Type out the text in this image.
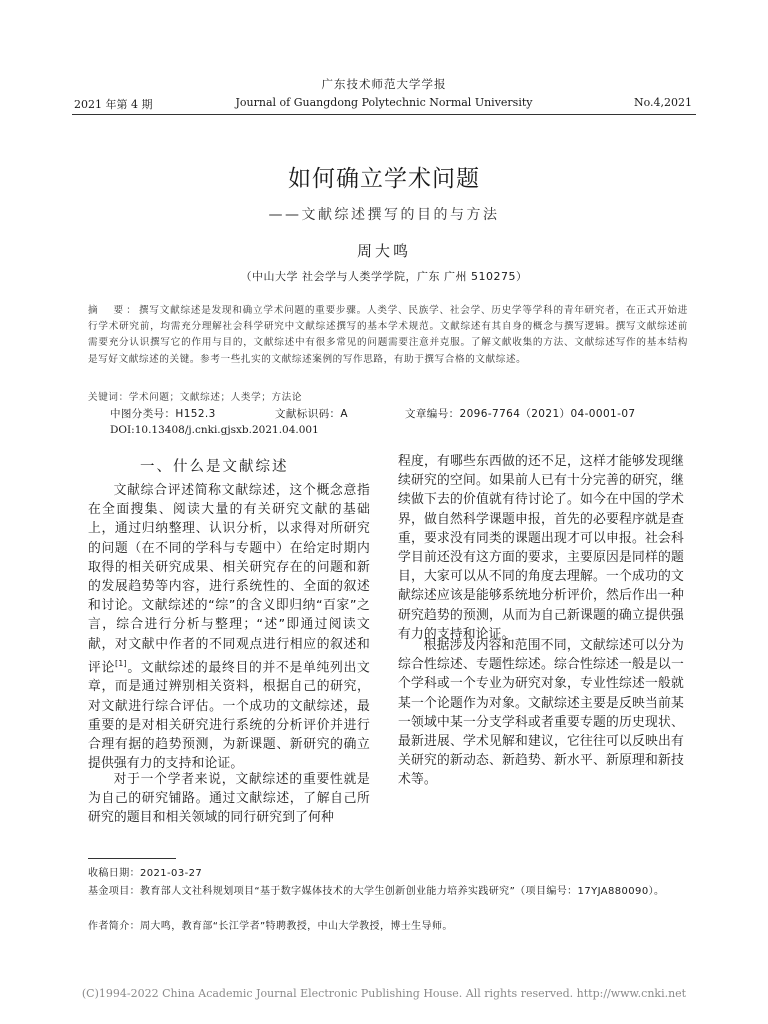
广东技术师范大学学报
2021 年第 4 期	Journal of Guangdong Polytechnic Normal University	No.4,2021
如何确立学术问题
——文献综述撰写的目的与方法
周大鸣
（中山大学 社会学与人类学学院，广东 广州 510275）
摘　要：撰写文献综述是发现和确立学术问题的重要步骤。人类学、民族学、社会学、历史学等学科的青年研究者，在正式开始进行学术研究前，均需充分理解社会科学研究中文献综述撰写的基本学术规范。文献综述有其自身的概念与撰写逻辑。撰写文献综述前需要充分认识撰写它的作用与目的，文献综述中有很多常见的问题需要注意并克服。了解文献收集的方法、文献综述写作的基本结构是写好文献综述的关键。参考一些扎实的文献综述案例的写作思路，有助于撰写合格的文献综述。
关键词：学术问题；文献综述；人类学；方法论
中图分类号：H152.3	文献标识码：A	文章编号：2096-7764（2021）04-0001-07
DOI:10.13408/j.cnki.gjsxb.2021.04.001
一、什么是文献综述
文献综合评述简称文献综述，这个概念意指在全面搜集、阅读大量的有关研究文献的基础上，通过归纳整理、认识分析，以求得对所研究的问题（在不同的学科与专题中）在给定时期内取得的相关研究成果、相关研究存在的问题和新的发展趋势等内容，进行系统性的、全面的叙述和讨论。文献综述的“综”的含义即归纳“百家”之言，综合进行分析与整理；“述”即通过阅读文献，对文献中作者的不同观点进行相应的叙述和评论[1]。文献综述的最终目的并不是单纯列出文章，而是通过辨别相关资料，根据自己的研究，对文献进行综合评估。一个成功的文献综述，最重要的是对相关研究进行系统的分析评价并进行合理有据的趋势预测，为新课题、新研究的确立提供强有力的支持和论证。
对于一个学者来说，文献综述的重要性就是为自己的研究铺路。通过文献综述，了解自己所研究的题目和相关领域的同行研究到了何种
程度，有哪些东西做的还不足，这样才能够发现继续研究的空间。如果前人已有十分完善的研究，继续做下去的价值就有待讨论了。如今在中国的学术界，做自然科学课题申报，首先的必要程序就是查重，要求没有同类的课题出现才可以申报。社会科学目前还没有这方面的要求，主要原因是同样的题目，大家可以从不同的角度去理解。一个成功的文献综述应该是能够系统地分析评价，然后作出一种研究趋势的预测，从而为自己新课题的确立提供强有力的支持和论证。
根据涉及内容和范围不同，文献综述可以分为综合性综述、专题性综述。综合性综述一般是以一个学科或一个专业为研究对象，专业性综述一般就某一个论题作为对象。文献综述主要是反映当前某一领域中某一分支学科或者重要专题的历史现状、最新进展、学术见解和建议，它往往可以反映出有关研究的新动态、新趋势、新水平、新原理和新技术等。
收稿日期：2021-03-27
基金项目：教育部人文社科规划项目“基于数字媒体技术的大学生创新创业能力培养实践研究”（项目编号：17YJA880090）。
作者简介：周大鸣，教育部“长江学者”特聘教授，中山大学教授，博士生导师。
(C)1994-2022 China Academic Journal Electronic Publishing House. All rights reserved. http://www.cnki.net
